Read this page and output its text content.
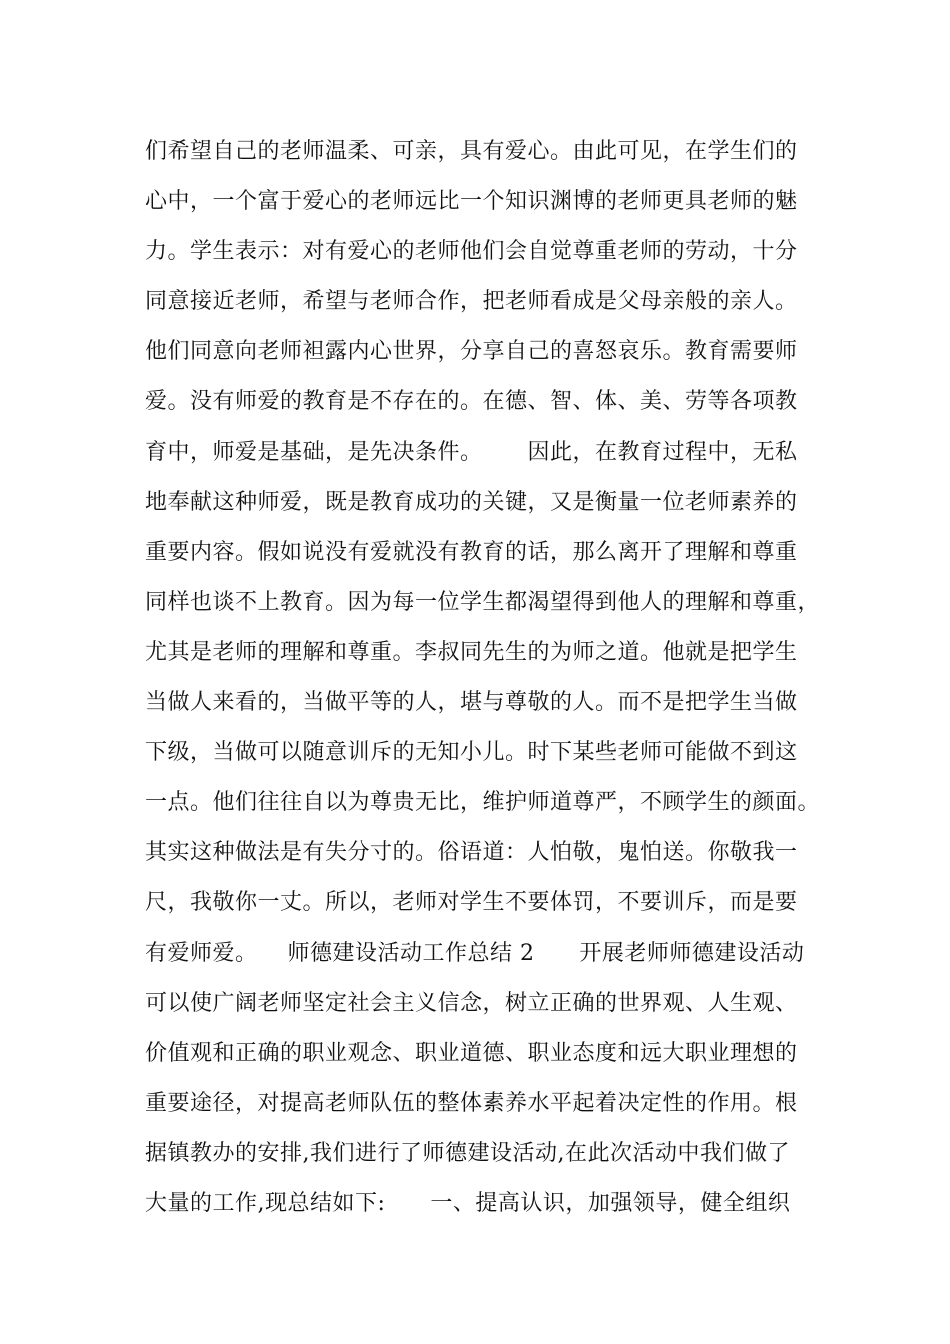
们希望自己的老师温柔、可亲，具有爱心。由此可见，在学生们的
心中，一个富于爱心的老师远比一个知识渊博的老师更具老师的魅
力。学生表示：对有爱心的老师他们会自觉尊重老师的劳动，十分
同意接近老师，希望与老师合作，把老师看成是父母亲般的亲人。
他们同意向老师袒露内心世界，分享自己的喜怒哀乐。教育需要师
爱。没有师爱的教育是不存在的。在德、智、体、美、劳等各项教
育中，师爱是基础，是先决条件。      因此，在教育过程中，无私
地奉献这种师爱，既是教育成功的关键，又是衡量一位老师素养的
重要内容。假如说没有爱就没有教育的话，那么离开了理解和尊重
同样也谈不上教育。因为每一位学生都渴望得到他人的理解和尊重，
尤其是老师的理解和尊重。李叔同先生的为师之道。他就是把学生
当做人来看的，当做平等的人，堪与尊敬的人。而不是把学生当做
下级，当做可以随意训斥的无知小儿。时下某些老师可能做不到这
一点。他们往往自以为尊贵无比，维护师道尊严，不顾学生的颜面。
其实这种做法是有失分寸的。俗语道：人怕敬，鬼怕送。你敬我一
尺，我敬你一丈。所以，老师对学生不要体罚，不要训斥，而是要
有爱师爱。    师德建设活动工作总结 2      开展老师师德建设活动
可以使广阔老师坚定社会主义信念，树立正确的世界观、人生观、
价值观和正确的职业观念、职业道德、职业态度和远大职业理想的
重要途径，对提高老师队伍的整体素养水平起着决定性的作用。根
据镇教办的安排,我们进行了师德建设活动,在此次活动中我们做了
大量的工作,现总结如下:      一、提高认识，加强领导，健全组织
